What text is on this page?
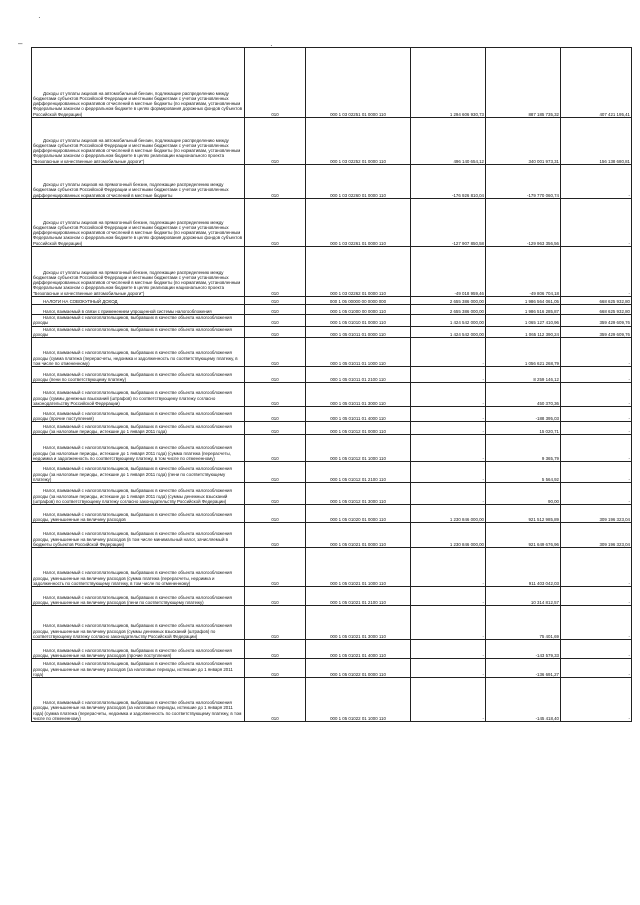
·
–	·
Доходы от уплаты акцизов на автомобильный бензин, подлежащие распределению между бюджетами субъектов Российской Федерации и местными бюджетами с учетом установленных дифференцированных нормативов отчислений в местные бюджеты (по нормативам, установленным Федеральным законом о федеральном бюджете в целях формирования дорожных фондов субъектов Российской Федерации)	010	000 1 03 02251 01 0000 110	1 294 606 930,73	887 185 735,32	407 421 195,41

Доходы от уплаты акцизов на автомобильный бензин, подлежащие распределению между бюджетами субъектов Российской Федерации и местными бюджетами с учетом установленных дифференцированных нормативов отчислений в местные бюджеты (по нормативам, установленным Федеральным законом о федеральном бюджете в целях реализации национального проекта "Безопасные и качественные автомобильные дороги")	010	000 1 03 02252 01 0000 110	496 140 654,12	340 001 973,31	156 138 680,81

Доходы от уплаты акцизов на прямогонный бензин, подлежащие распределению между бюджетами субъектов Российской Федерации и местными бюджетами с учетом установленных дифференцированных нормативов отчислений в местные бюджеты	010	000 1 03 02260 01 0000 110	-176 926 810,04	-179 770 060,74	-

Доходы от уплаты акцизов на прямогонный бензин, подлежащие распределению между бюджетами субъектов Российской Федерации и местными бюджетами с учетом установленных дифференцированных нормативов отчислений в местные бюджеты (по нормативам, установленным Федеральным законом о федеральном бюджете в целях формирования дорожных фондов субъектов Российской Федерации)	010	000 1 03 02261 01 0000 110	-127 907 850,58	-129 963 356,56	-

Доходы от уплаты акцизов на прямогонный бензин, подлежащие распределению между бюджетами субъектов Российской Федерации и местными бюджетами с учетом установленных дифференцированных нормативов отчислений в местные бюджеты (по нормативам, установленным Федеральным законом о федеральном бюджете в целях реализации национального проекта "Безопасные и качественные автомобильные дороги")	010	000 1 03 02262 01 0000 110	-49 018 959,46	-49 806 704,18	-

НАЛОГИ НА СОВОКУПНЫЙ ДОХОД	010	000 1 05 00000 00 0000 000	2 655 386 000,00	1 986 564 061,05	668 625 932,80

Налог, взимаемый в связи с применением упрощенной системы налогообложения	010	000 1 05 01000 00 0000 110	2 655 386 000,00	1 986 516 285,87	668 625 932,80

Налог, взимаемый с налогоплательщиков, выбравших в качестве объекта налогообложения доходы	010	000 1 05 01010 01 0000 110	1 424 542 000,00	1 065 127 410,96	359 429 609,76

Налог, взимаемый с налогоплательщиков, выбравших в качестве объекта налогообложения доходы	010	000 1 05 01011 01 0000 110	1 424 542 000,00	1 065 112 390,24	359 429 609,76

Налог, взимаемый с налогоплательщиков, выбравших в качестве объекта налогообложения доходы (сумма платежа (перерасчеты, недоимка и задолженность по соответствующему платежу, в том числе по отмененному)	010	000 1 05 01011 01 1000 110	-	1 056 621 268,79	-

Налог, взимаемый с налогоплательщиков, выбравших в качестве объекта налогообложения доходы (пени по соответствующему платежу)	010	000 1 05 01011 01 2100 110	-	8 259 146,12	-

Налог, взимаемый с налогоплательщиков, выбравших в качестве объекта налогообложения доходы (суммы денежных взысканий (штрафов) по соответствующему платежу согласно законодательству Российской Федерации)	010	000 1 05 01011 01 3000 110	-	450 370,36	-

Налог, взимаемый с налогоплательщиков, выбравших в качестве объекта налогообложения доходы (прочие поступления)	010	000 1 05 01011 01 4000 110	-	-188 395,03	-

Налог, взимаемый с налогоплательщиков, выбравших в качестве объекта налогообложения доходы (за налоговые периоды, истекшие до 1 января 2011 года)	010	000 1 05 01012 01 0000 110	-	15 020,71	-

Налог, взимаемый с налогоплательщиков, выбравших в качестве объекта налогообложения доходы (за налоговые периоды, истекшие до 1 января 2011 года) (сумма платежа (перерасчеты, недоимка и задолженность по соответствующему платежу, в том числе по отмененному)	010	000 1 05 01012 01 1000 110	-	9 365,79	-

Налог, взимаемый с налогоплательщиков, выбравших в качестве объекта налогообложения доходы (за налоговые периоды, истекшие до 1 января 2011 года) (пени по соответствующему платежу)	010	000 1 05 01012 01 2100 110	-	5 564,92	-

Налог, взимаемый с налогоплательщиков, выбравших в качестве объекта налогообложения доходы (за налоговые периоды, истекшие до 1 января 2011 года) (суммы денежных взысканий (штрафов) по соответствующему платежу согласно законодательству Российской Федерации)	010	000 1 05 01012 01 3000 110	-	90,00	-

Налог, взимаемый с налогоплательщиков, выбравших в качестве объекта налогообложения доходы, уменьшенные на величину расходов	010	000 1 05 01020 01 0000 110	1 230 846 000,00	921 512 985,89	309 196 323,04

Налог, взимаемый с налогоплательщиков, выбравших в качестве объекта налогообложения доходы, уменьшенные на величину расходов (в том числе минимальный налог, зачисляемый в бюджеты субъектов Российской Федерации)	010	000 1 05 01021 01 0000 110	1 230 846 000,00	921 649 676,96	309 196 323,04

Налог, взимаемый с налогоплательщиков, выбравших в качестве объекта налогообложения доходы, уменьшенные на величину расходов (сумма платежа (перерасчеты, недоимка и задолженность по соответствующему платежу, в том числе по отмененному)	010	000 1 05 01021 01 1000 110	-	911 403 042,03	-

Налог, взимаемый с налогоплательщиков, выбравших в качестве объекта налогообложения доходы, уменьшенные на величину расходов (пени по соответствующему платежу)	010	000 1 05 01021 01 2100 110	-	10 314 812,57	-

Налог, взимаемый с налогоплательщиков, выбравших в качестве объекта налогообложения доходы, уменьшенные на величину расходов (суммы денежных взысканий (штрафов) по соответствующему платежу согласно законодательству Российской Федерации)	010	000 1 05 01021 01 3000 110	-	75 401,69	-

Налог, взимаемый с налогоплательщиков, выбравших в качестве объекта налогообложения доходы, уменьшенные на величину расходов (прочие поступления)	010	000 1 05 01021 01 4000 110	-	-143 579,33	-

Налог, взимаемый с налогоплательщиков, выбравших в качестве объекта налогообложения доходы, уменьшенные на величину расходов (за налоговые периоды, истекшие до 1 января 2011 года)	010	000 1 05 01022 01 0000 110	-	-136 691,27	-

Налог, взимаемый с налогоплательщиков, выбравших в качестве объекта налогообложения доходы, уменьшенные на величину расходов (за налоговые периоды, истекшие до 1 января 2011 года) (сумма платежа (перерасчеты, недоимка и задолженность по соответствующему платежу, в том числе по отмененному)	010	000 1 05 01022 01 1000 110	-	-145 418,40	-
